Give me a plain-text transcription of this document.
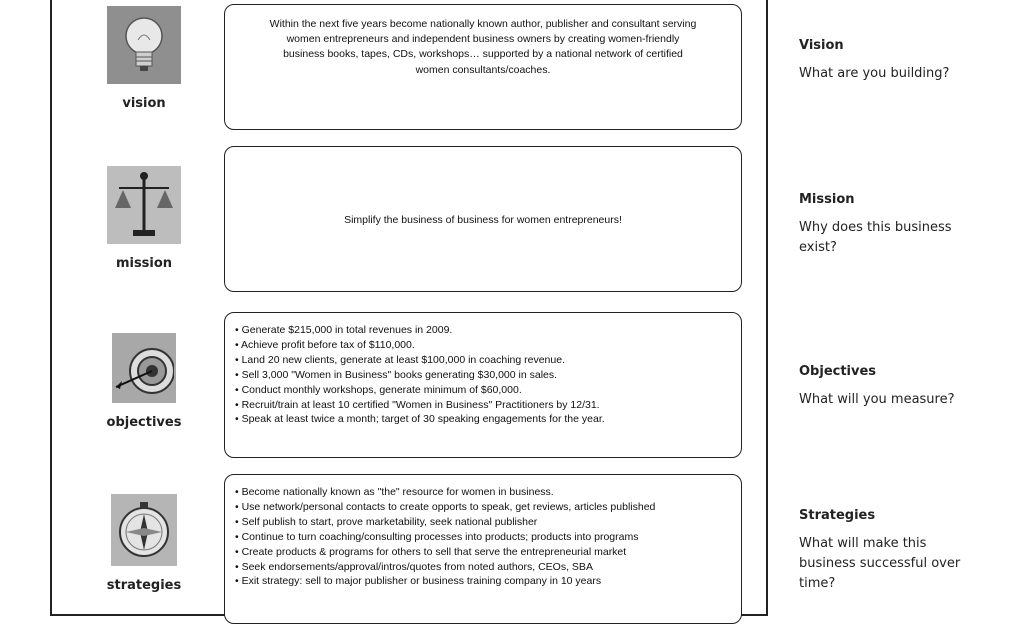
vision
Within the next five years become nationally known author, publisher and consultant serving women entrepreneurs and independent business owners by creating women-friendly business books, tapes, CDs, workshops… supported by a national network of certified women consultants/coaches.
mission
Simplify the business of business for women entrepreneurs!
objectives
• Generate $215,000 in total revenues in 2009.
• Achieve profit before tax of $110,000.
• Land 20 new clients, generate at least $100,000 in coaching revenue.
• Sell 3,000 "Women in Business" books generating $30,000 in sales.
• Conduct monthly workshops, generate minimum of $60,000.
• Recruit/train at least 10 certified "Women in Business" Practitioners by 12/31.
• Speak at least twice a month; target of 30 speaking engagements for the year.
strategies
• Become nationally known as "the" resource for women in business.
• Use network/personal contacts to create opports to speak, get reviews, articles published
• Self publish to start, prove marketability, seek national publisher
• Continue to turn coaching/consulting processes into products; products into programs
• Create products & programs for others to sell that serve the entrepreneurial market
• Seek endorsements/approval/intros/quotes from noted authors, CEOs, SBA
• Exit strategy: sell to major publisher or business training company in 10 years
Vision
What are you building?
Mission
Why does this business exist?
Objectives
What will you measure?
Strategies
What will make this business successful over time?
